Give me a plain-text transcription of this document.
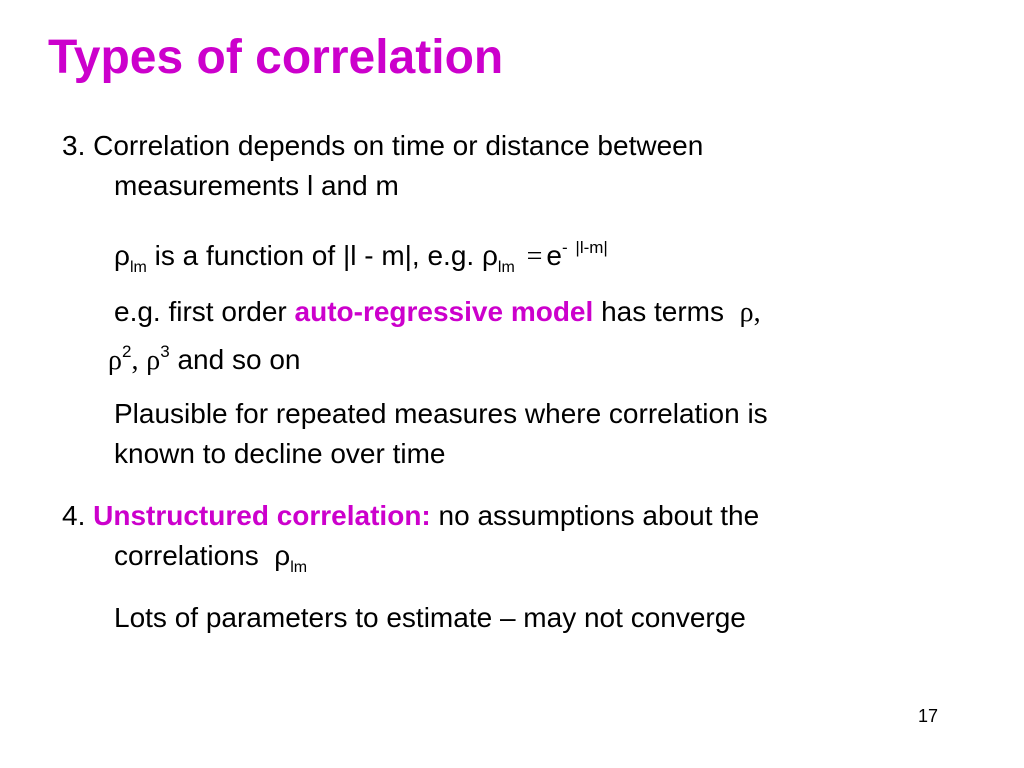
Types of correlation
3. Correlation depends on time or distance between
measurements l and m
$\rho_{lm}$ is a function of |l - m|, e.g. $\rho_{lm} = e^-$ $^{|l-m|}$
e.g. first order auto-regressive model has terms ρ,
$\rho^2$, $\rho^3$ and so on
Plausible for repeated measures where correlation is
known to decline over time
4. Unstructured correlation: no assumptions about the
correlations $\rho_{lm}$
Lots of parameters to estimate – may not converge
17
